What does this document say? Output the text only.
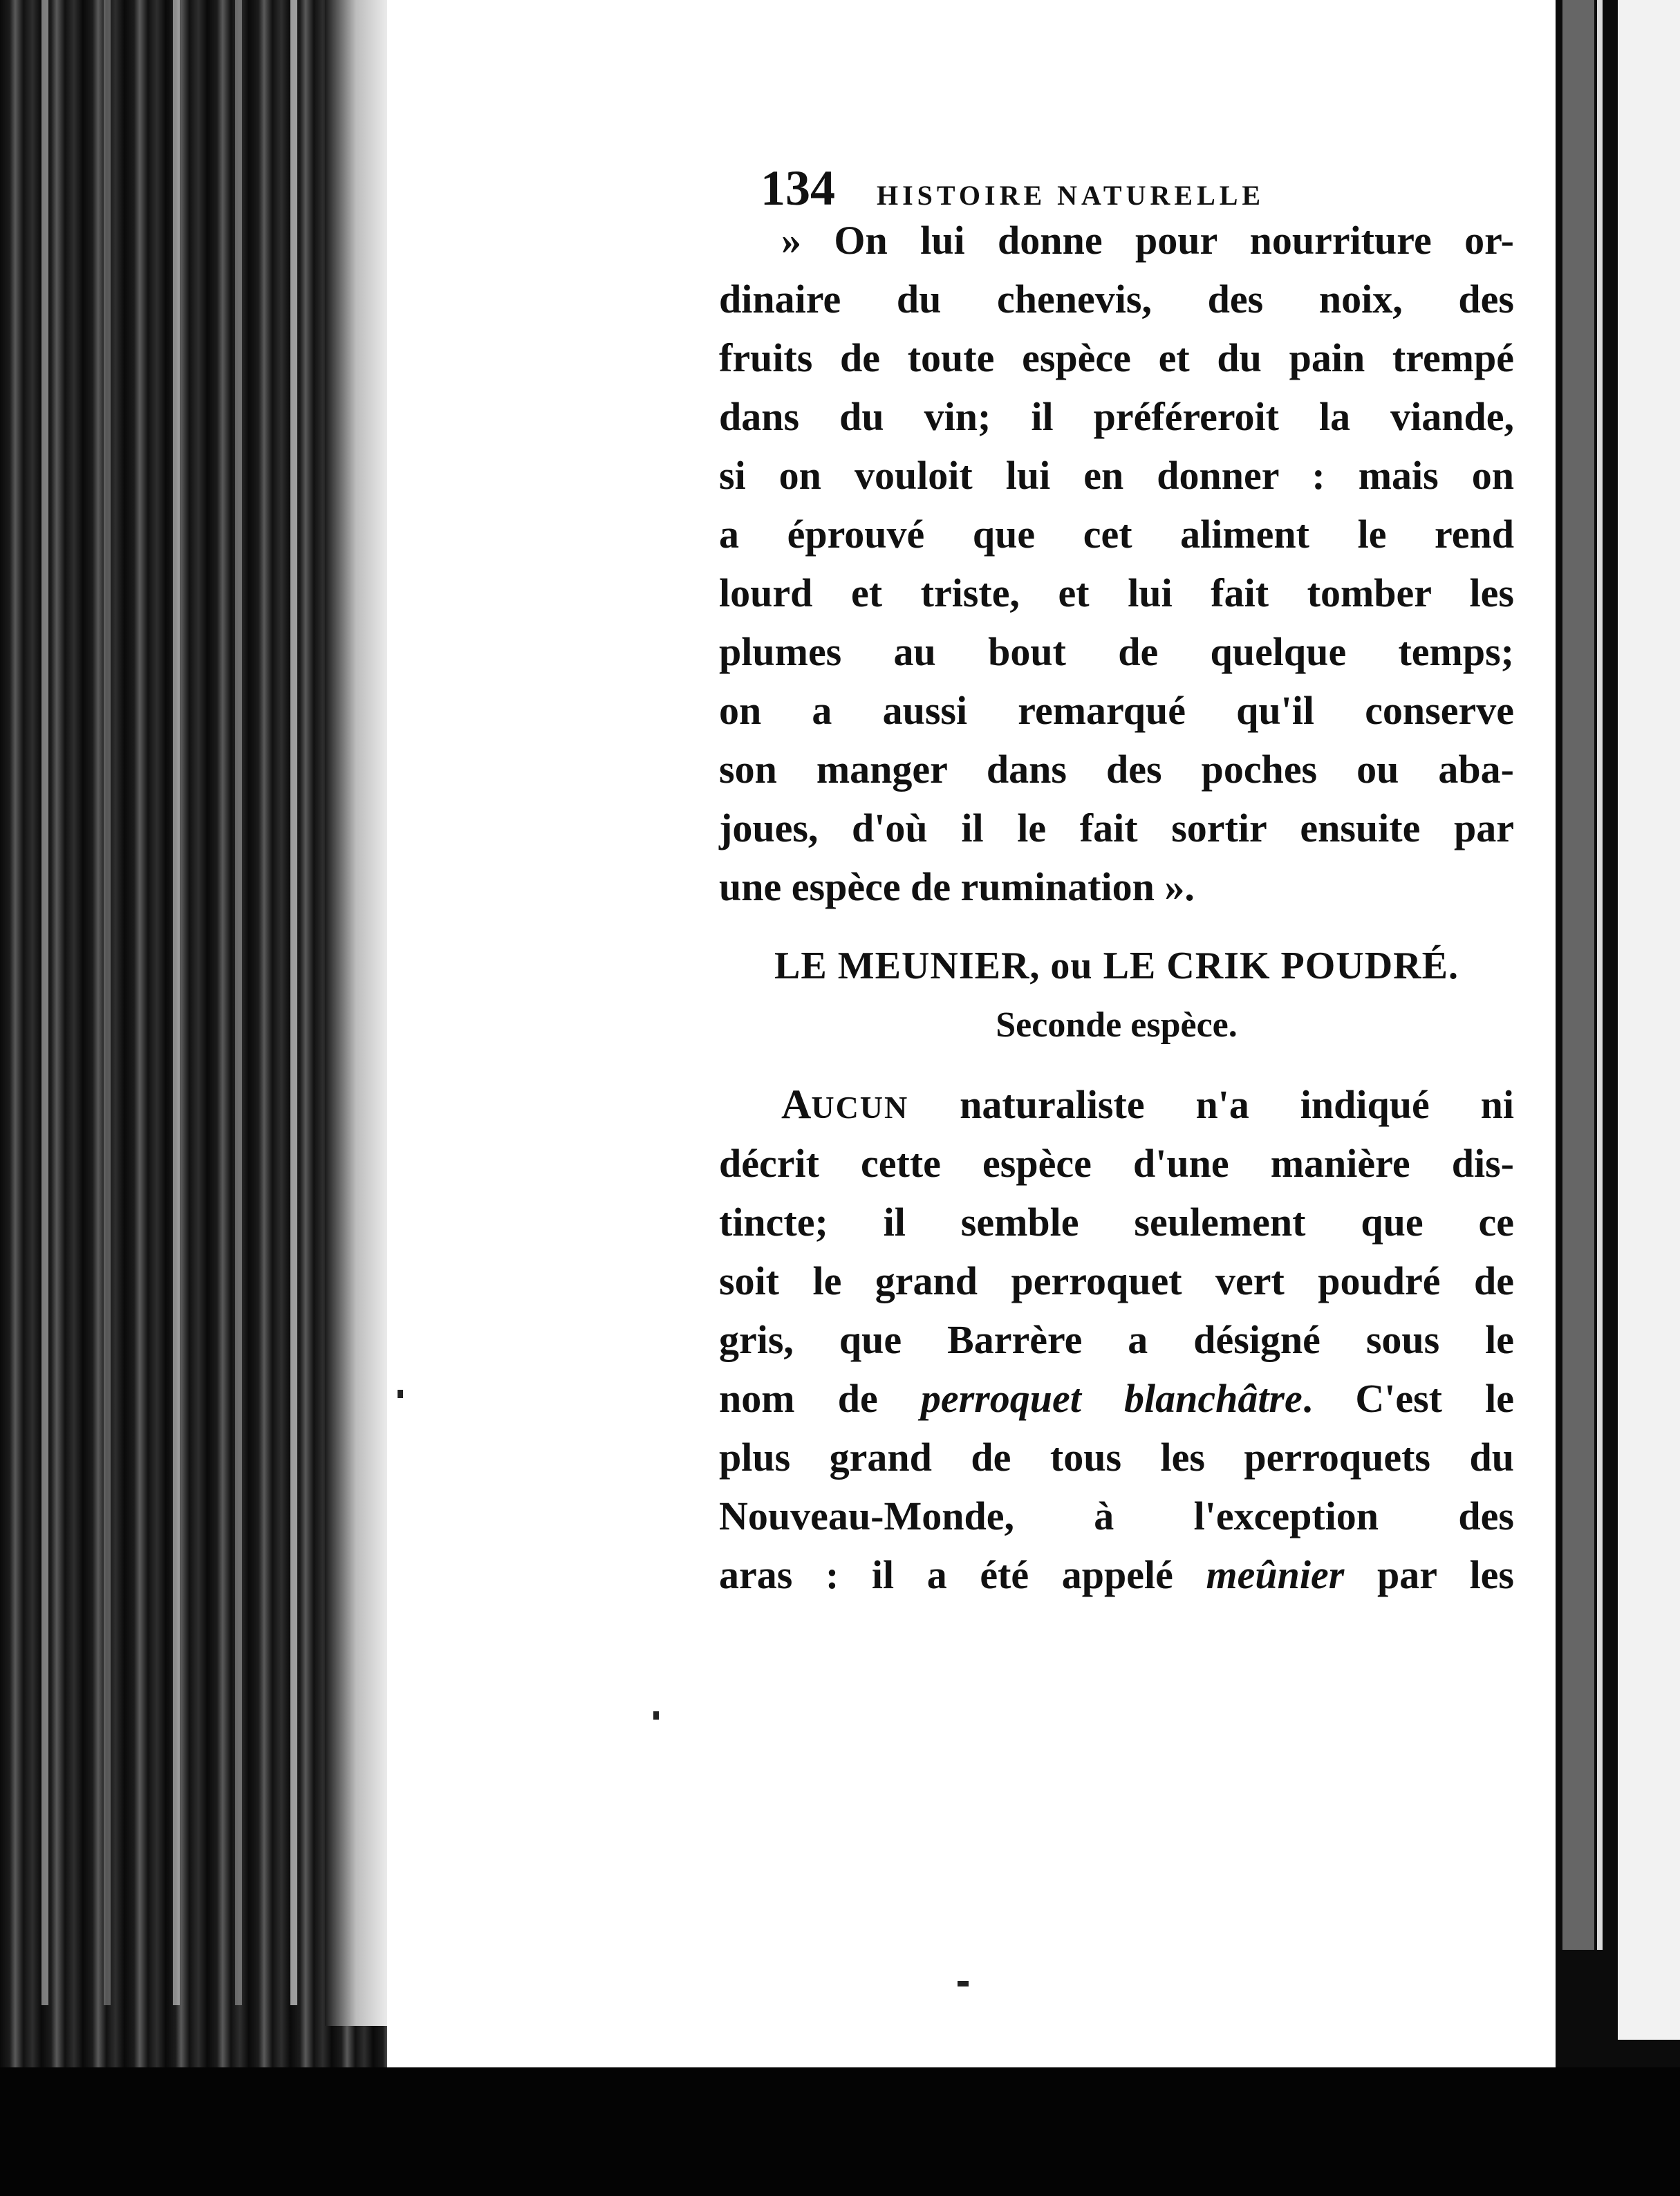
134 HISTOIRE NATURELLE
» On lui donne pour nourriture or-
dinaire du chenevis, des noix, des
fruits de toute espèce et du pain trempé
dans du vin; il préféreroit la viande,
si on vouloit lui en donner : mais on
a éprouvé que cet aliment le rend
lourd et triste, et lui fait tomber les
plumes au bout de quelque temps;
on a aussi remarqué qu'il conserve
son manger dans des poches ou aba-
joues, d'où il le fait sortir ensuite par
une espèce de rumination ».
LE MEUNIER, ou LE CRIK POUDRÉ.
Seconde espèce.
AUCUN naturaliste n'a indiqué ni
décrit cette espèce d'une manière dis-
tincte; il semble seulement que ce
soit le grand perroquet vert poudré de
gris, que Barrère a désigné sous le
nom de perroquet blanchâtre. C'est le
plus grand de tous les perroquets du
Nouveau-Monde, à l'exception des
aras : il a été appelé meûnier par les
